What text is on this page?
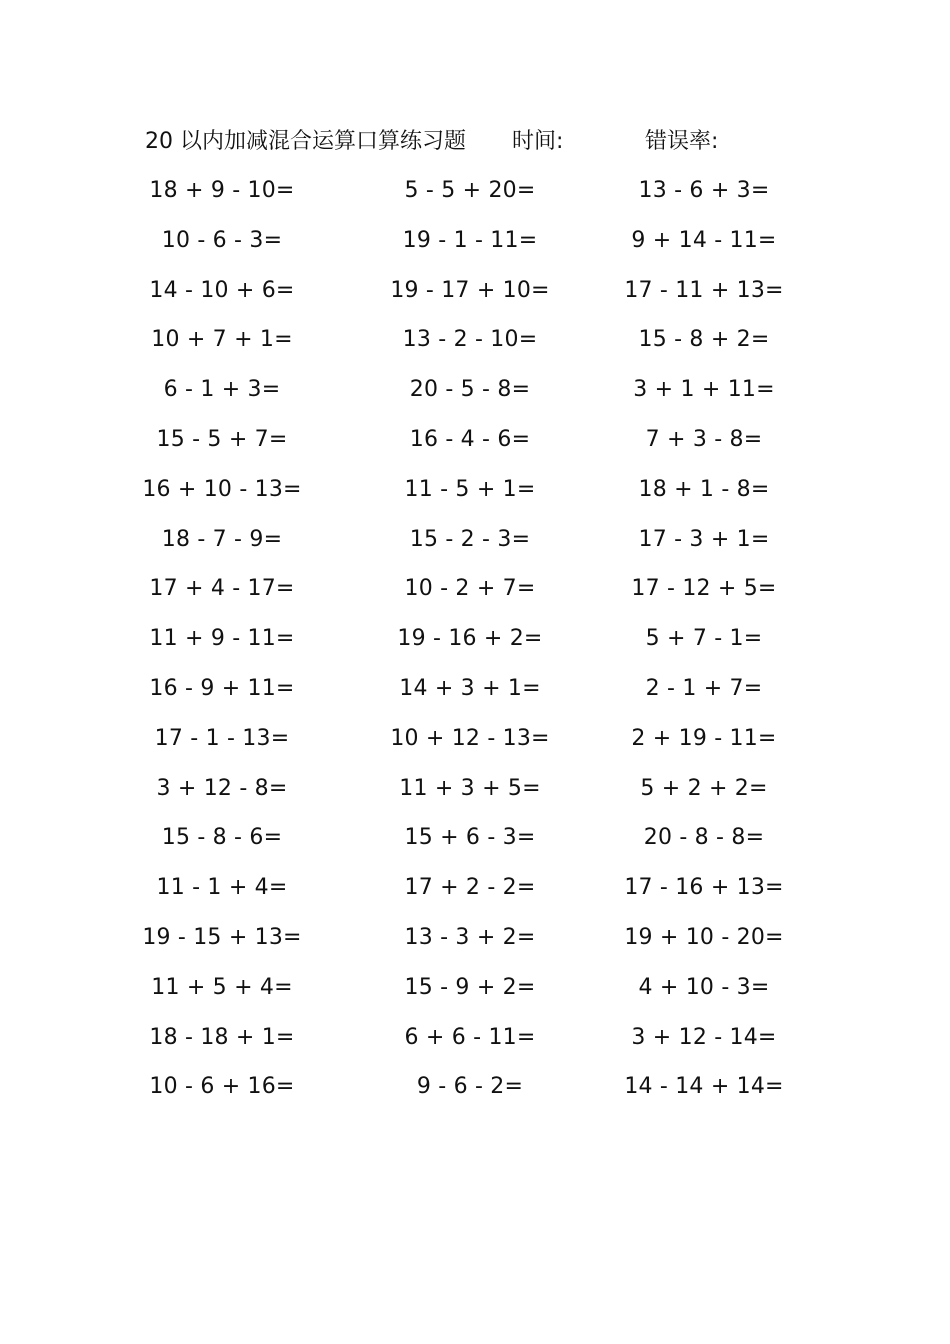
20 以内加减混合运算口算练习题 时间:	错误率:
18 + 9 - 10=	5 - 5 + 20=	13 - 6 + 3=
10 - 6 - 3=	19 - 1 - 11=	9 + 14 - 11=
14 - 10 + 6=	19 - 17 + 10=	17 - 11 + 13=
10 + 7 + 1=	13 - 2 - 10=	15 - 8 + 2=
6 - 1 + 3=	20 - 5 - 8=	3 + 1 + 11=
15 - 5 + 7=	16 - 4 - 6=	7 + 3 - 8=
16 + 10 - 13=	11 - 5 + 1=	18 + 1 - 8=
18 - 7 - 9=	15 - 2 - 3=	17 - 3 + 1=
17 + 4 - 17=	10 - 2 + 7=	17 - 12 + 5=
11 + 9 - 11=	19 - 16 + 2=	5 + 7 - 1=
16 - 9 + 11=	14 + 3 + 1=	2 - 1 + 7=
17 - 1 - 13=	10 + 12 - 13=	2 + 19 - 11=
3 + 12 - 8=	11 + 3 + 5=	5 + 2 + 2=
15 - 8 - 6=	15 + 6 - 3=	20 - 8 - 8=
11 - 1 + 4=	17 + 2 - 2=	17 - 16 + 13=
19 - 15 + 13=	13 - 3 + 2=	19 + 10 - 20=
11 + 5 + 4=	15 - 9 + 2=	4 + 10 - 3=
18 - 18 + 1=	6 + 6 - 11=	3 + 12 - 14=
10 - 6 + 16=	9 - 6 - 2=	14 - 14 + 14=
